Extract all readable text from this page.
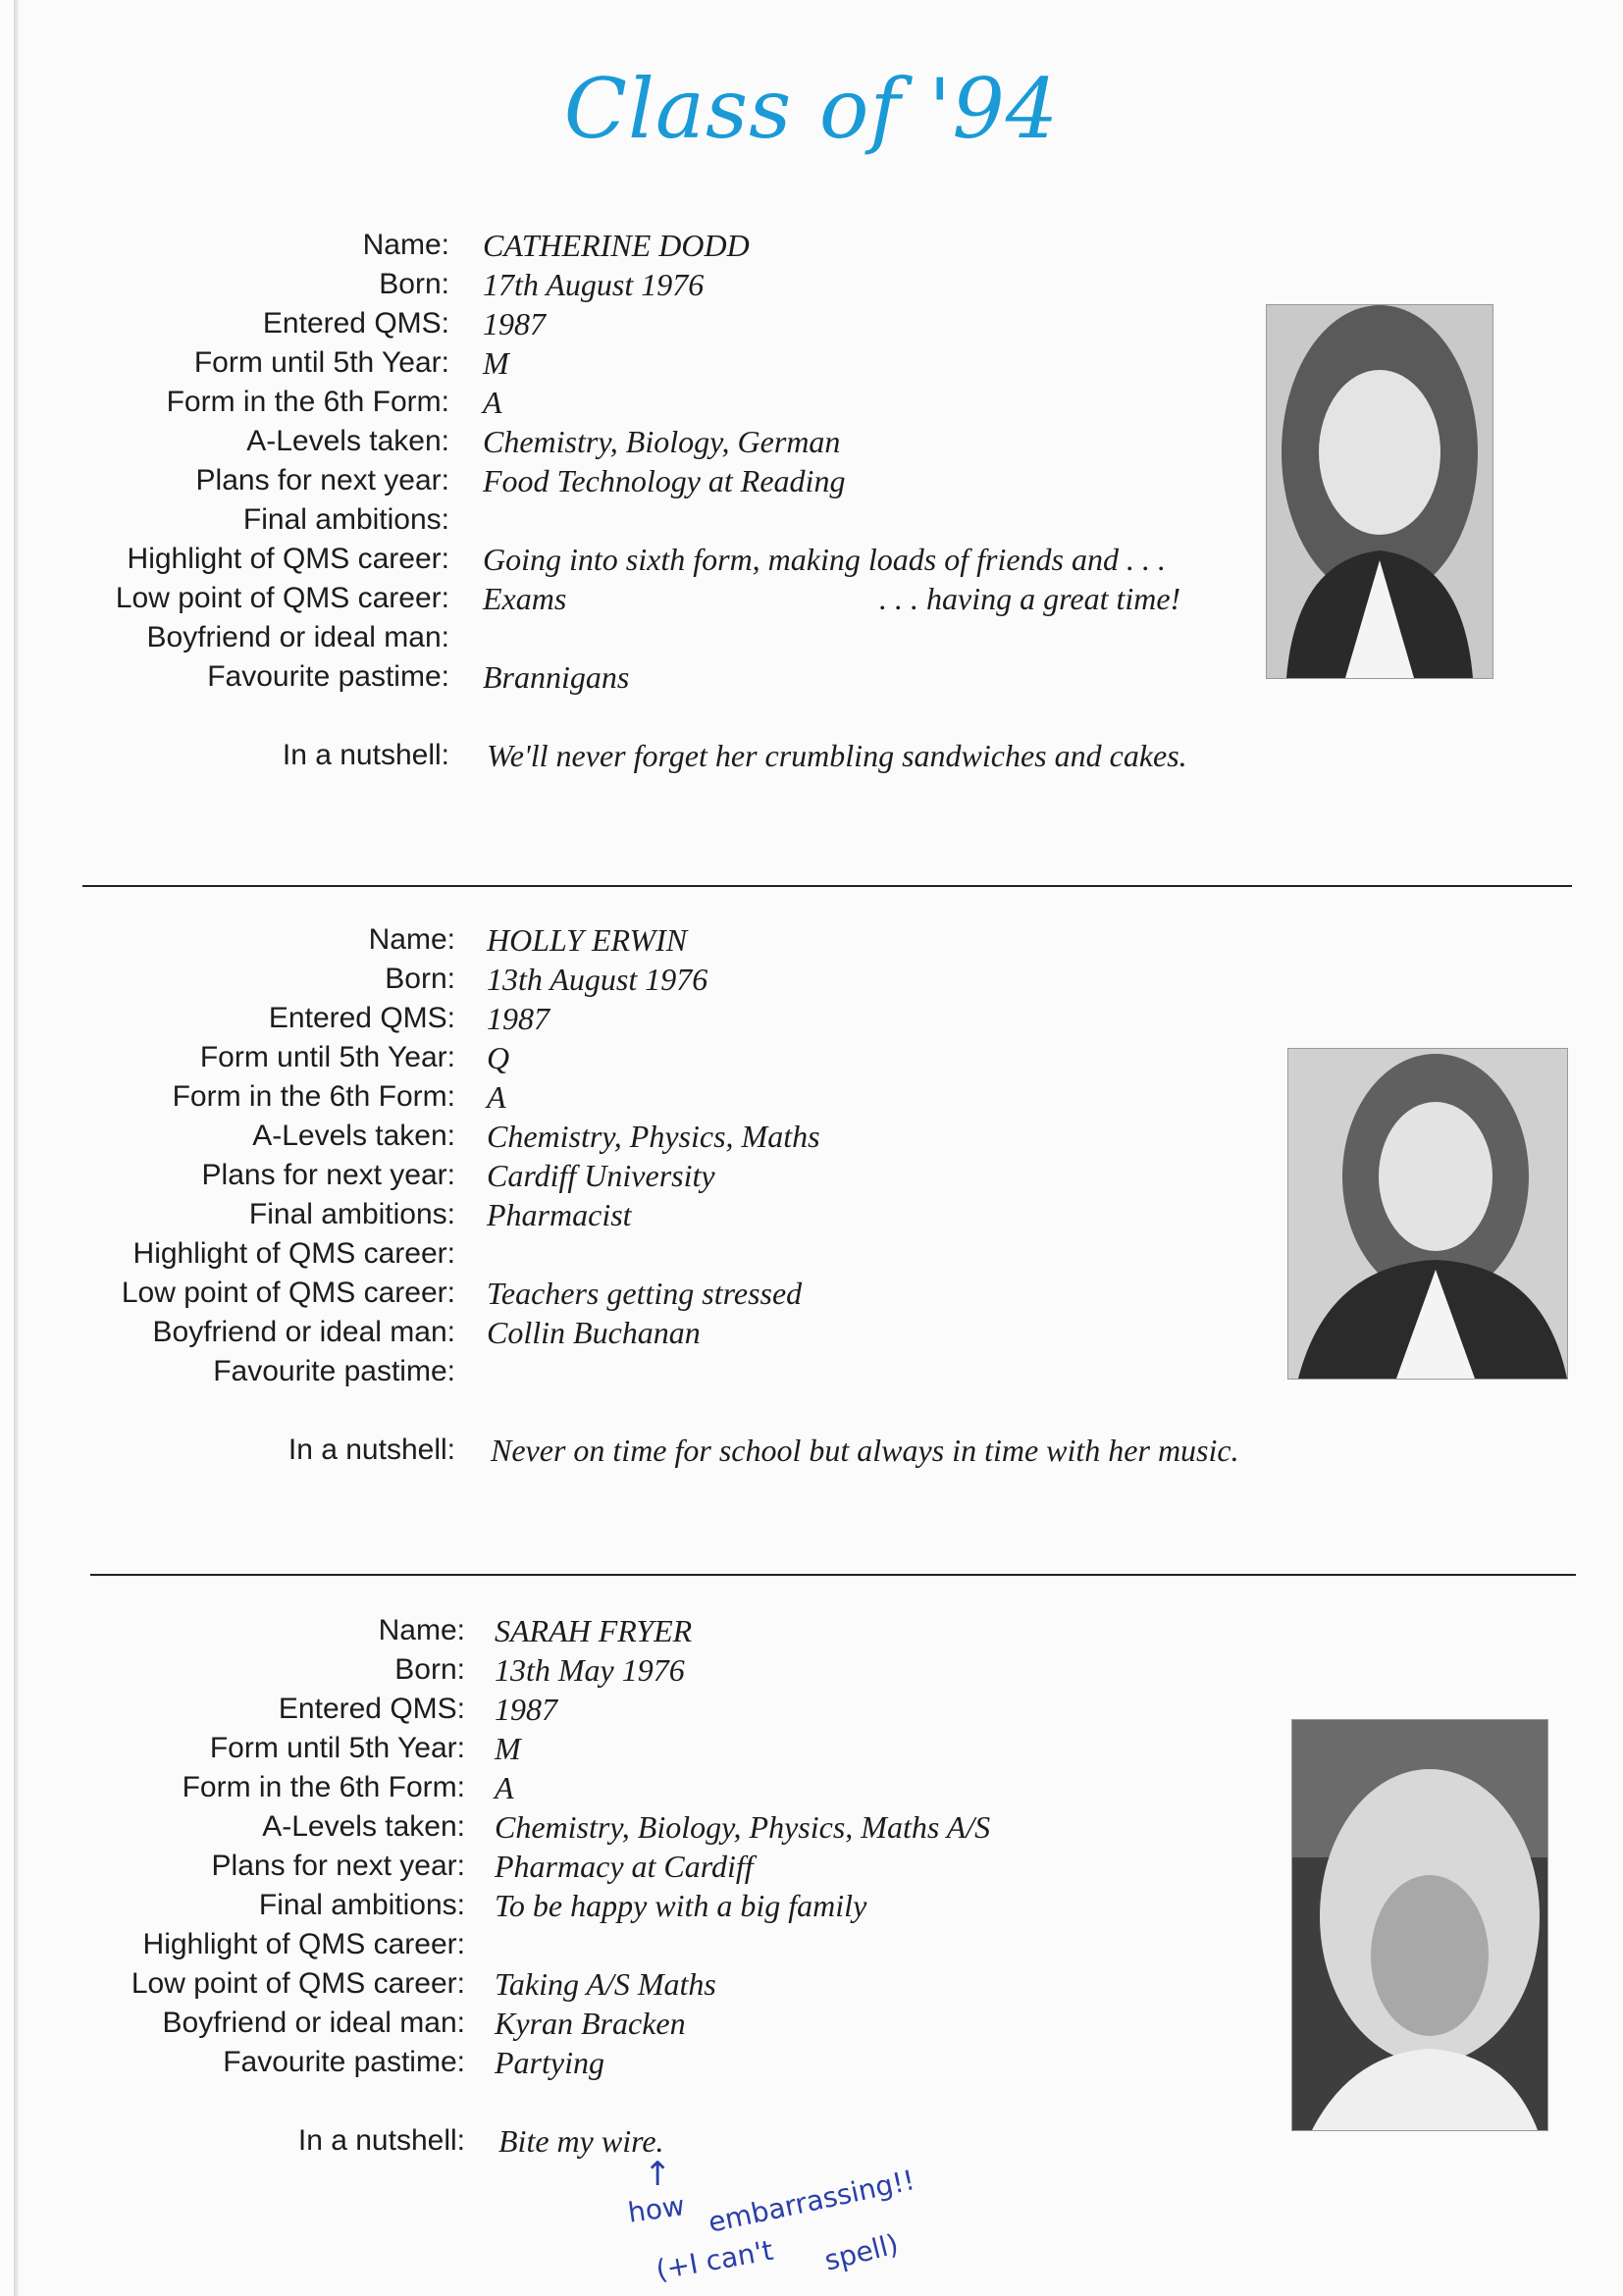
Class of '94
Name: CATHERINE DODD
Born: 17th August 1976
Entered QMS: 1987
Form until 5th Year: M
Form in the 6th Form: A
A-Levels taken: Chemistry, Biology, German
Plans for next year: Food Technology at Reading
Final ambitions:
Highlight of QMS career: Going into sixth form, making loads of friends and . . .
Low point of QMS career: Exams
Boyfriend or ideal man:
Favourite pastime: Brannigans
In a nutshell: We'll never forget her crumbling sandwiches and cakes.
. . . having a great time!
Name: HOLLY ERWIN
Born: 13th August 1976
Entered QMS: 1987
Form until 5th Year: Q
Form in the 6th Form: A
A-Levels taken: Chemistry, Physics, Maths
Plans for next year: Cardiff University
Final ambitions: Pharmacist
Highlight of QMS career:
Low point of QMS career: Teachers getting stressed
Boyfriend or ideal man: Collin Buchanan
Favourite pastime:
In a nutshell: Never on time for school but always in time with her music.
Name: SARAH FRYER
Born: 13th May 1976
Entered QMS: 1987
Form until 5th Year: M
Form in the 6th Form: A
A-Levels taken: Chemistry, Biology, Physics, Maths A/S
Plans for next year: Pharmacy at Cardiff
Final ambitions: To be happy with a big family
Highlight of QMS career:
Low point of QMS career: Taking A/S Maths
Boyfriend or ideal man: Kyran Bracken
Favourite pastime: Partying
In a nutshell: Bite my wire.
↑
how embarrassing!!
(+I can't spell)
